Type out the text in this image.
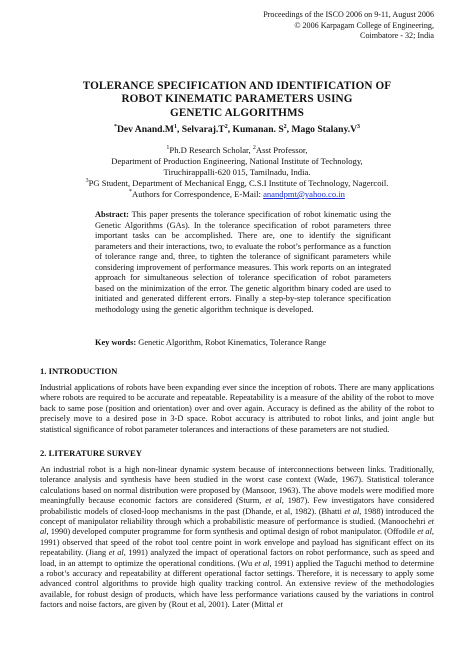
Proceedings of the ISCO 2006 on 9-11, August 2006
© 2006 Karpagam College of Engineering,
Coimbatore - 32; India
TOLERANCE SPECIFICATION AND IDENTIFICATION OF
ROBOT KINEMATIC PARAMETERS USING
GENETIC ALGORITHMS
*Dev $Anand.M^1$, $Selvaraj.T^2$, Kumanan. $S^2$, Mago $Stalany.V^3$
$^1$Ph.D Research Scholar, $^2$Asst Professor,
Department of Production Engineering, National Institute of Technology,
Tiruchirappalli-620 015, Tamilnadu, India.
$^3$PG Student, Department of Mechanical Engg, C.S.I Institute of Technology, Nagercoil.
*Authors for Correspondence, E-Mail: anandpmt@yahoo.co.in
Abstract: This paper presents the tolerance specification of robot kinematic using the Genetic Algorithms (GAs). In the tolerance specification of robot parameters three important tasks can be accomplished. There are, one to identify the significant parameters and their interactions, two, to evaluate the robot’s performance as a function of tolerance range and, three, to tighten the tolerance of significant parameters while considering improvement of performance measures. This work reports on an integrated approach for simultaneous selection of tolerance specification of robot parameters based on the minimization of the error. The genetic algorithm binary coded are used to initiated and generated different errors. Finally a step-by-step tolerance specification methodology using the genetic algorithm technique is developed.
Key words: Genetic Algorithm, Robot Kinematics, Tolerance Range
1. INTRODUCTION
Industrial applications of robots have been expanding ever since the inception of robots. There are many applications where robots are required to be accurate and repeatable. Repeatability is a measure of the ability of the robot to move back to same pose (position and orientation) over and over again. Accuracy is defined as the ability of the robot to precisely move to a desired pose in 3-D space. Robot accuracy is attributed to robot links, and joint angle but statistical significance of robot parameter tolerances and interactions of these parameters are not studied.
2. LITERATURE SURVEY
An industrial robot is a high non-linear dynamic system because of interconnections between links. Traditionally, tolerance analysis and synthesis have been studied in the worst case context (Wade, 1967). Statistical tolerance calculations based on normal distribution were proposed by (Mansoor, 1963). The above models were modified more meaningfully because economic factors are considered (Sturm, et al, 1987). Few investigators have considered probabilistic models of closed-loop mechanisms in the past (Dhande, et al, 1982). (Bhatti et al, 1988) introduced the concept of manipulator reliability through which a probabilistic measure of performance is studied. (Manoochehri et al, 1990) developed computer programme for form synthesis and optimal design of robot manipulator. (Offodile et al, 1991) observed that speed of the robot tool centre point in work envelope and payload has significant effect on its repeatability. (Jiang et al, 1991) analyzed the impact of operational factors on robot performance, such as speed and load, in an attempt to optimize the operational conditions. (Wu et al, 1991) applied the Taguchi method to determine a robot’s accuracy and repeatability at different operational factor settings. Therefore, it is necessary to apply some advanced control algorithms to provide high quality tracking control. An extensive review of the methodologies available, for robust design of products, which have less performance variations caused by the variations in control factors and noise factors, are given by (Rout et al, 2001). Later (Mittal et
